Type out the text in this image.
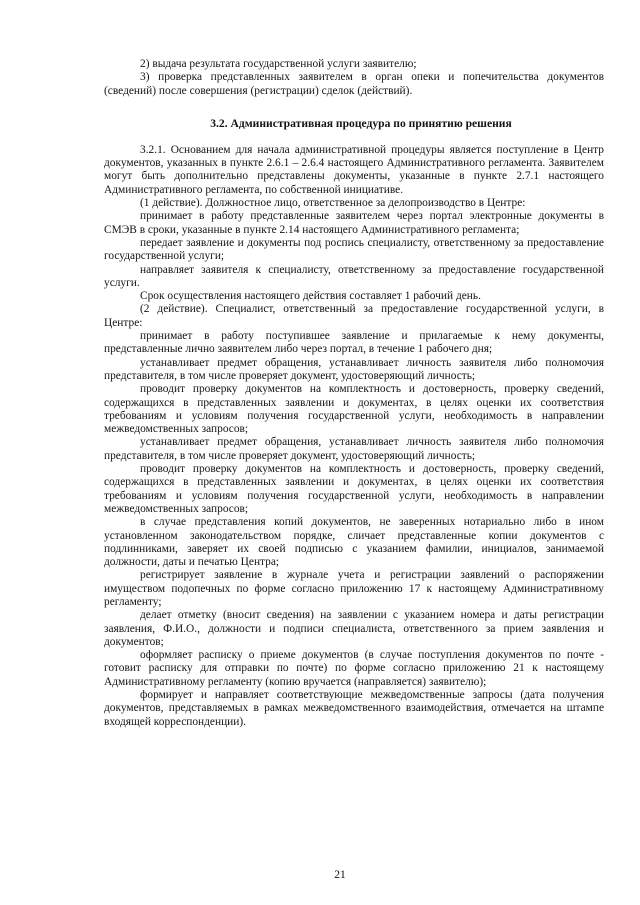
2) выдача результата государственной услуги заявителю;

3) проверка представленных заявителем в орган опеки и попечительства документов (сведений) после совершения (регистрации) сделок (действий).

3.2. Административная процедура по принятию решения

3.2.1. Основанием для начала административной процедуры является поступление в Центр документов, указанных в пункте 2.6.1 – 2.6.4 настоящего Административного регламента. Заявителем могут быть дополнительно представлены документы, указанные в пункте 2.7.1 настоящего Административного регламента, по собственной инициативе.

(1 действие). Должностное лицо, ответственное за делопроизводство в Центре:

принимает в работу представленные заявителем через портал электронные документы в СМЭВ в сроки, указанные в пункте 2.14 настоящего Административного регламента;

передает заявление и документы под роспись специалисту, ответственному за предоставление государственной услуги;

направляет заявителя к специалисту, ответственному за предоставление государственной услуги.

Срок осуществления настоящего действия составляет 1 рабочий день.

(2 действие). Специалист, ответственный за предоставление государственной услуги, в Центре:

принимает в работу поступившее заявление и прилагаемые к нему документы, представленные лично заявителем либо через портал, в течение 1 рабочего дня;

устанавливает предмет обращения, устанавливает личность заявителя либо полномочия представителя, в том числе проверяет документ, удостоверяющий личность;

проводит проверку документов на комплектность и достоверность, проверку сведений, содержащихся в представленных заявлении и документах, в целях оценки их соответствия требованиям и условиям получения государственной услуги, необходимость в направлении межведомственных запросов;

устанавливает предмет обращения, устанавливает личность заявителя либо полномочия представителя, в том числе проверяет документ, удостоверяющий личность;

проводит проверку документов на комплектность и достоверность, проверку сведений, содержащихся в представленных заявлении и документах, в целях оценки их соответствия требованиям и условиям получения государственной услуги, необходимость в направлении межведомственных запросов;

в случае представления копий документов, не заверенных нотариально либо в ином установленном законодательством порядке, сличает представленные копии документов с подлинниками, заверяет их своей подписью с указанием фамилии, инициалов, занимаемой должности, даты и печатью Центра;

регистрирует заявление в журнале учета и регистрации заявлений о распоряжении имуществом подопечных по форме согласно приложению 17 к настоящему Административному регламенту;

делает отметку (вносит сведения) на заявлении с указанием номера и даты регистрации заявления, Ф.И.О., должности и подписи специалиста, ответственного за прием заявления и документов;

оформляет расписку о приеме документов (в случае поступления документов по почте - готовит расписку для отправки по почте) по форме согласно приложению 21 к настоящему Административному регламенту (копию вручается (направляется) заявителю);

формирует и направляет соответствующие межведомственные запросы (дата получения документов, представляемых в рамках межведомственного взаимодействия, отмечается на штампе входящей корреспонденции).

21
